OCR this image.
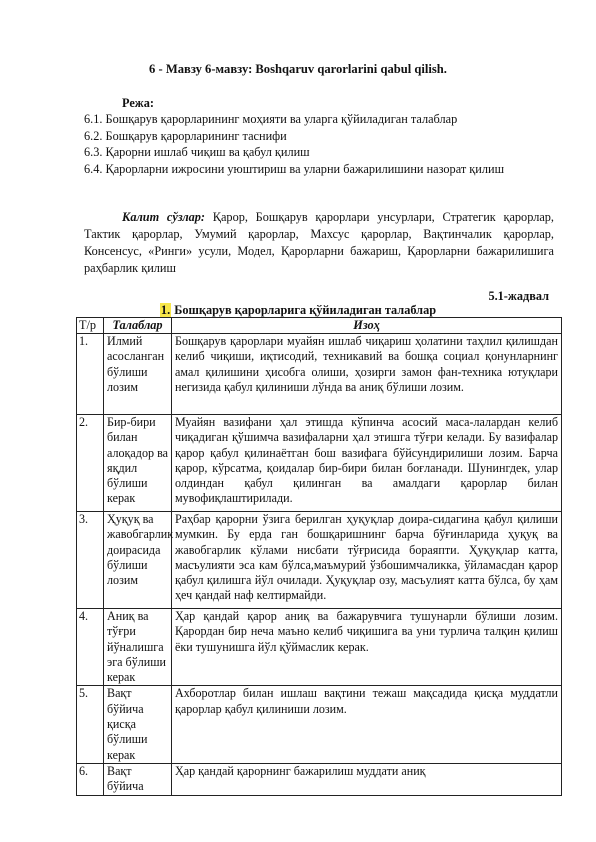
6 - Мавзу 6-мавзу: Boshqaruv qarorlarini qabul qilish.
Режа:
6.1. Бошқарув қарорларининг моҳияти ва уларга қўйиладиган талаблар
6.2. Бошқарув қарорларининг таснифи
6.3. Қарорни ишлаб чиқиш ва қабул қилиш
6.4. Қарорларни ижросини уюштириш ва уларни бажарилишини назорат қилиш
Калит сўзлар: Қарор, Бошқарув қарорлари унсурлари, Стратегик қарорлар, Тактик қарорлар, Умумий қарорлар, Махсус қарорлар, Вақтинчалик қарорлар, Консенсус, «Ринги» усули, Модел, Қарорларни бажариш, Қарорларни бажарилишига раҳбарлик қилиш
5.1-жадвал
1. Бошқарув қарорларига қўйиладиган талаблар
Т/р	Талаблар	Изоҳ
1.	Илмий асосланган бўлиши лозим	Бошқарув қарорлари муайян ишлаб чиқариш ҳолатини таҳлил қилишдан келиб чиқиши, иқтисодий, техникавий ва бошқа социал қонунларнинг амал қилишини ҳисобга олиши, ҳозирги замон фан-техника ютуқлари негизида қабул қилиниши лўнда ва аниқ бўлиши лозим.
2.	Бир-бири билан алоқадор ва яқдил бўлиши керак	Муайян вазифани ҳал этишда кўпинча асосий маса-лалардан келиб чиқадиган қўшимча вазифаларни ҳал этишга тўғри келади. Бу вазифалар қарор қабул қилинаётган бош вазифага бўйсундирилиши лозим. Барча қарор, кўрсатма, қоидалар бир-бири билан боғланади. Шунингдек, улар олдиндан қабул қилинган ва амалдаги қарорлар билан мувофиқлаштирилади.
3.	Ҳуқуқ ва жавобгарлик доирасида бўлиши лозим	Раҳбар қарорни ўзига берилган ҳуқуқлар доира-сидагина қабул қилиши мумкин. Бу ерда ган бошқаришнинг барча бўғинларида ҳуқуқ ва жавобгарлик кўлами нисбати тўғрисида бораяпти. Ҳуқуқлар катта, масъулияти эса кам бўлса,маъмурий ўзбошимчаликка, ўйламасдан қарор қабул қилишга йўл очилади. Ҳуқуқлар озу, масъулият катта бўлса, бу ҳам ҳеч қандай наф келтирмайди.
4.	Аниқ ва тўғри йўналишга эга бўлиши керак	Ҳар қандай қарор аниқ ва бажарувчига тушунарли бўлиши лозим. Қарордан бир неча маъно келиб чиқишига ва уни турлича талқин қилиш ёки тушунишга йўл қўймаслик керак.
5.	Вақт бўйича қисқа бўлиши керак	Ахборотлар билан ишлаш вақтини тежаш мақсадида қисқа муддатли қарорлар қабул қилиниши лозим.
6.	Вақт бўйича	Ҳар қандай қарорнинг бажарилиш муддати аниқ
